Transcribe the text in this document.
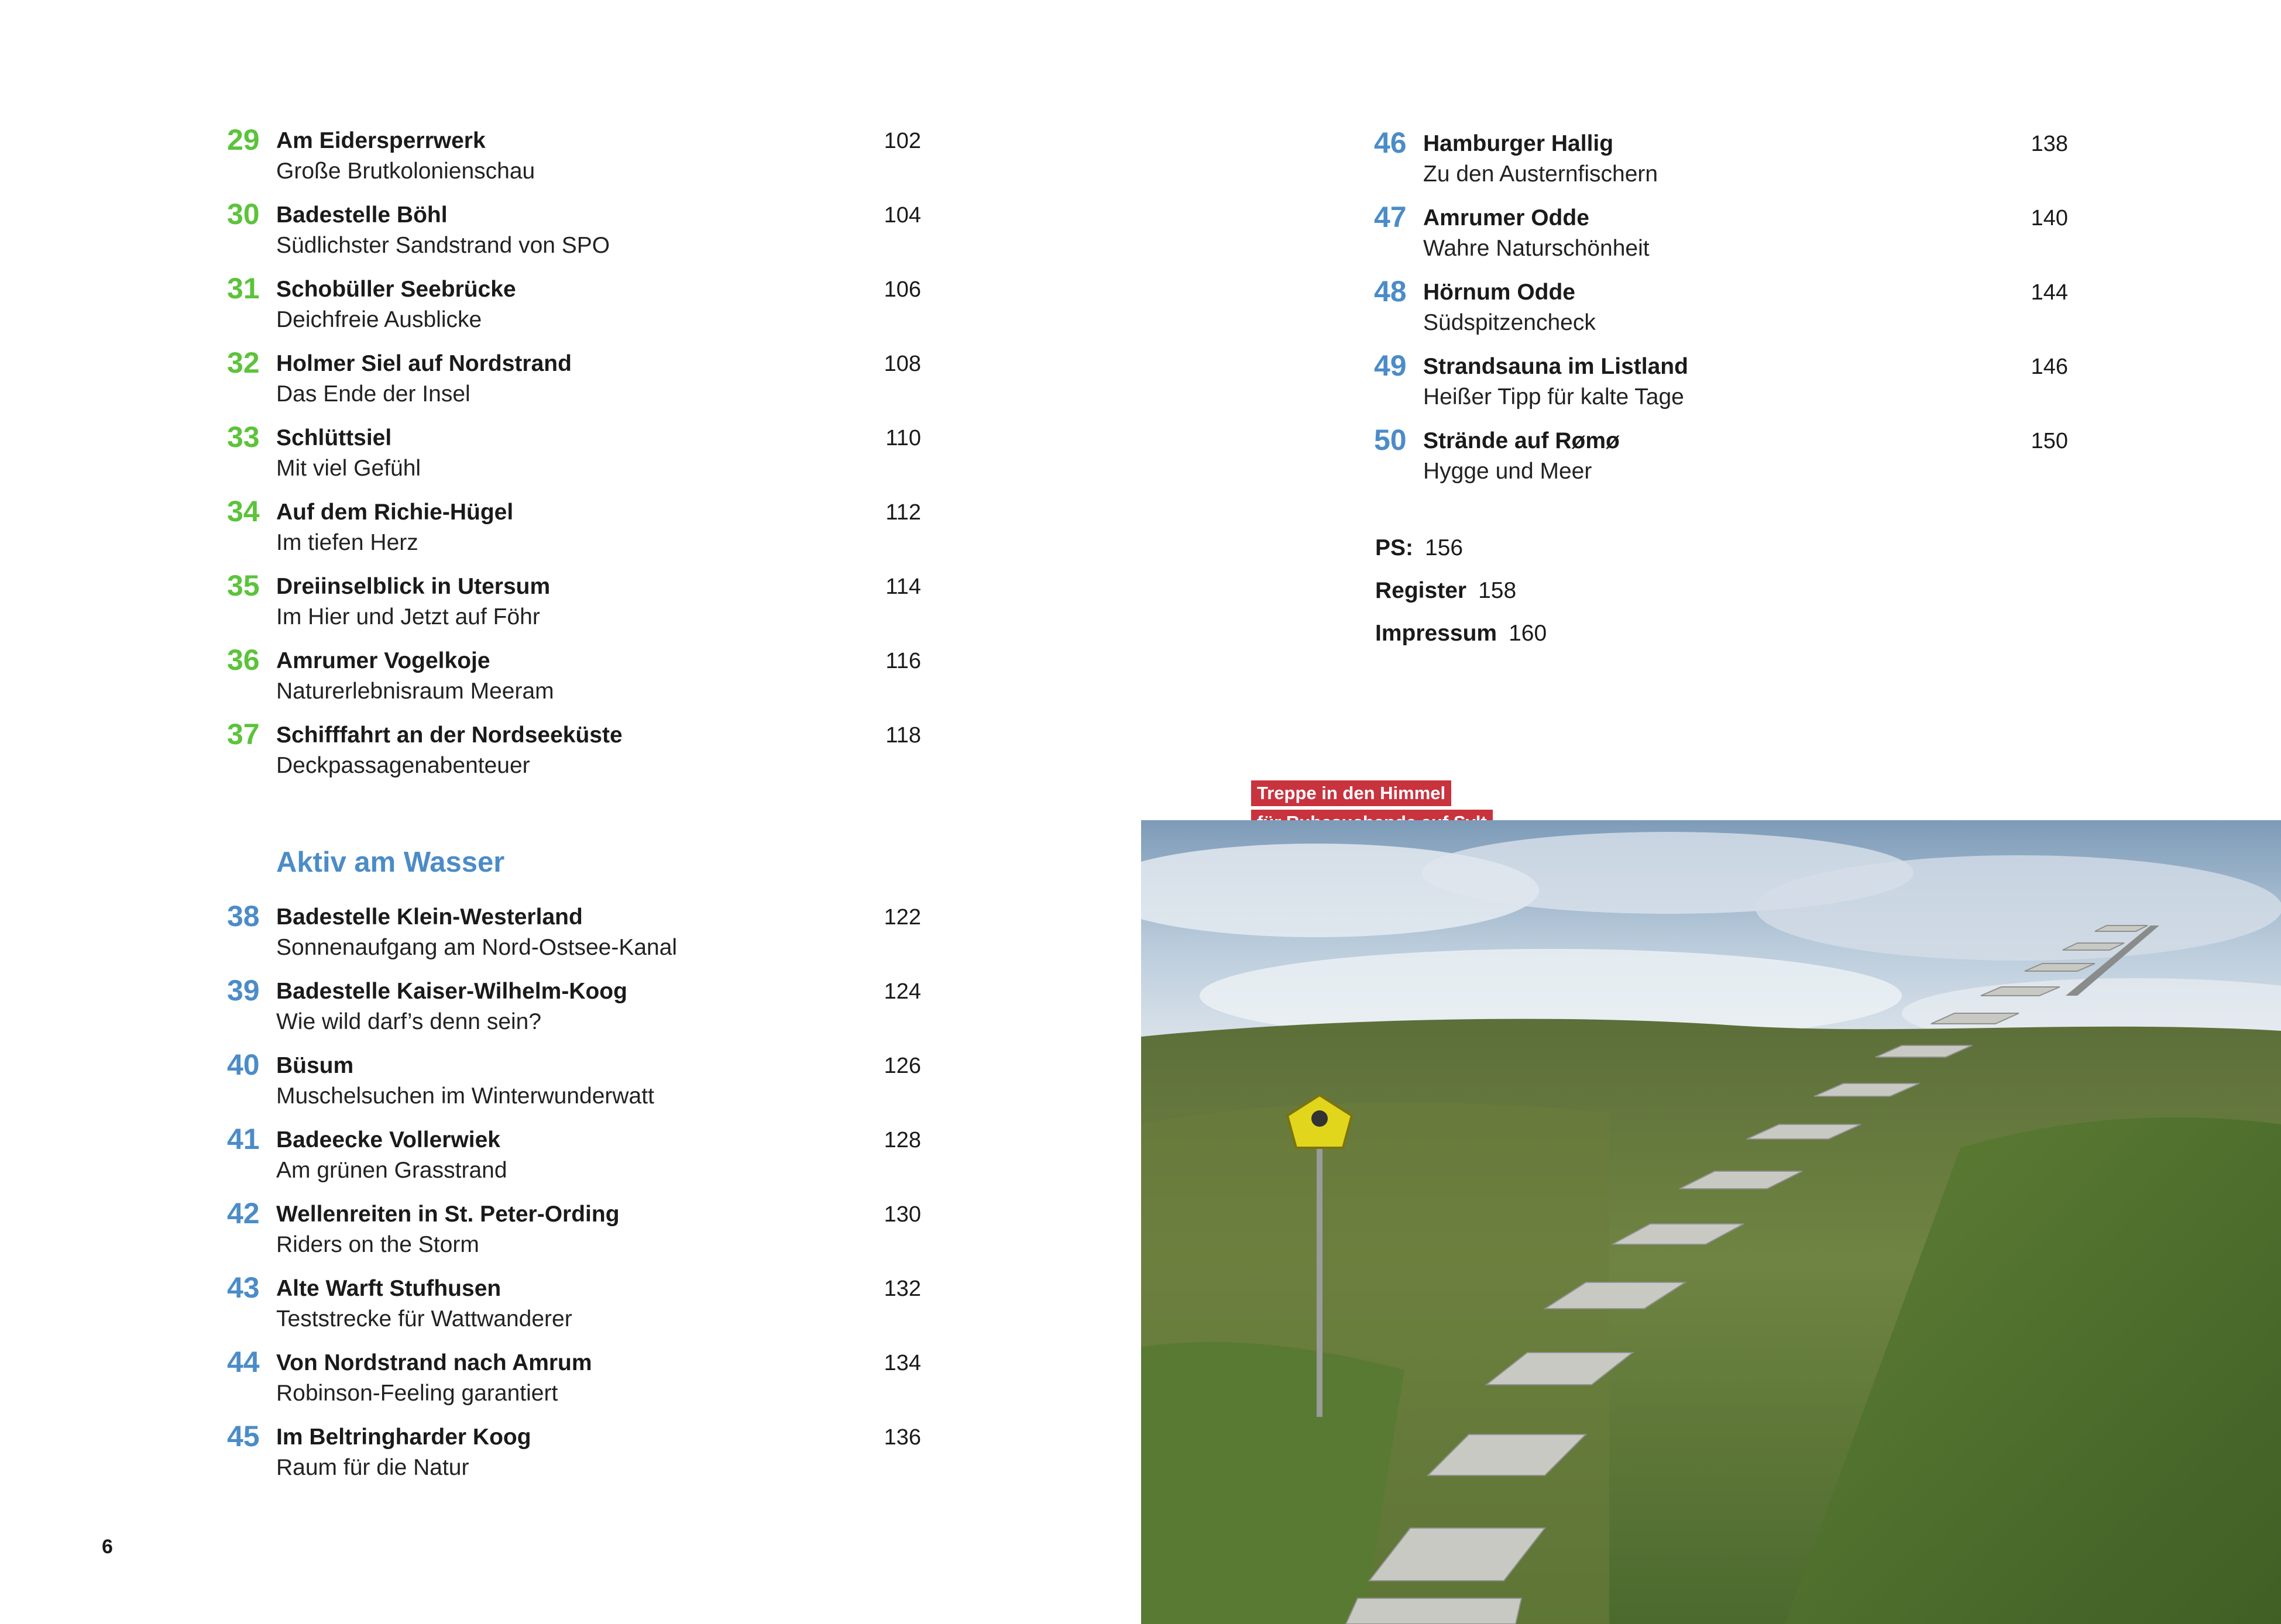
29 Am Eidersperrwerk
Große Brutkolonienschau
102
30 Badestelle Böhl
Südlichster Sandstrand von SPO
104
31 Schobüller Seebrücke
Deichfreie Ausblicke
106
32 Holmer Siel auf Nordstrand
Das Ende der Insel
108
33 Schlüttsiel
Mit viel Gefühl
110
34 Auf dem Richie-Hügel
Im tiefen Herz
112
35 Dreiinselblick in Utersum
Im Hier und Jetzt auf Föhr
114
36 Amrumer Vogelkoje
Naturerlebnisraum Meeram
116
37 Schifffahrt an der Nordseeküste
Deckpassagenabenteuer
118
Aktiv am Wasser
38 Badestelle Klein-Westerland
Sonnenaufgang am Nord-Ostsee-Kanal
122
39 Badestelle Kaiser-Wilhelm-Koog
Wie wild darf’s denn sein?
124
40 Büsum
Muschelsuchen im Winterwunderwatt
126
41 Badeecke Vollerwiek
Am grünen Grasstrand
128
42 Wellenreiten in St. Peter-Ording
Riders on the Storm
130
43 Alte Warft Stufhusen
Teststrecke für Wattwanderer
132
44 Von Nordstrand nach Amrum
Robinson-Feeling garantiert
134
45 Im Beltringharder Koog
Raum für die Natur
136
46 Hamburger Hallig
Zu den Austernfischern
138
47 Amrumer Odde
Wahre Naturschönheit
140
48 Hörnum Odde
Südspitzencheck
144
49 Strandsauna im Listland
Heißer Tipp für kalte Tage
146
50 Strände auf Rømø
Hygge und Meer
150
PS: 156
Register 158
Impressum 160
Treppe in den Himmel
6
